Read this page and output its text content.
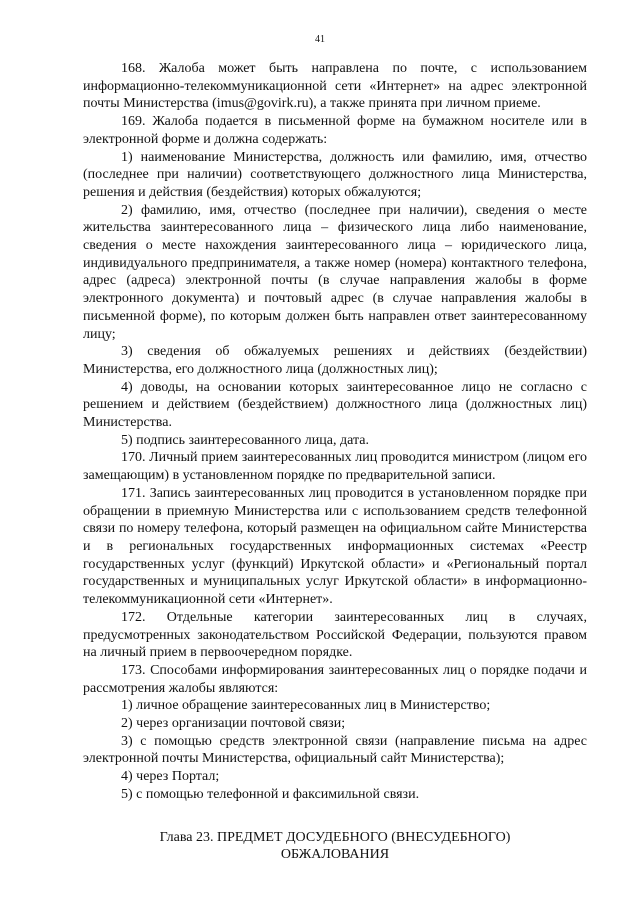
41

168. Жалоба может быть направлена по почте, с использованием информационно-телекоммуникационной сети «Интернет» на адрес электронной почты Министерства (imus@govirk.ru), а также принята при личном приеме.

169. Жалоба подается в письменной форме на бумажном носителе или в электронной форме и должна содержать:

1) наименование Министерства, должность или фамилию, имя, отчество (последнее при наличии) соответствующего должностного лица Министерства, решения и действия (бездействия) которых обжалуются;

2) фамилию, имя, отчество (последнее при наличии), сведения о месте жительства заинтересованного лица – физического лица либо наименование, сведения о месте нахождения заинтересованного лица – юридического лица, индивидуального предпринимателя, а также номер (номера) контактного телефона, адрес (адреса) электронной почты (в случае направления жалобы в форме электронного документа) и почтовый адрес (в случае направления жалобы в письменной форме), по которым должен быть направлен ответ заинтересованному лицу;

3) сведения об обжалуемых решениях и действиях (бездействии) Министерства, его должностного лица (должностных лиц);

4) доводы, на основании которых заинтересованное лицо не согласно с решением и действием (бездействием) должностного лица (должностных лиц) Министерства.

5) подпись заинтересованного лица, дата.

170. Личный прием заинтересованных лиц проводится министром (лицом его замещающим) в установленном порядке по предварительной записи.

171. Запись заинтересованных лиц проводится в установленном порядке при обращении в приемную Министерства или с использованием средств телефонной связи по номеру телефона, который размещен на официальном сайте Министерства и в региональных государственных информационных системах «Реестр государственных услуг (функций) Иркутской области» и «Региональный портал государственных и муниципальных услуг Иркутской области» в информационно-телекоммуникационной сети «Интернет».

172. Отдельные категории заинтересованных лиц в случаях, предусмотренных законодательством Российской Федерации, пользуются правом на личный прием в первоочередном порядке.

173. Способами информирования заинтересованных лиц о порядке подачи и рассмотрения жалобы являются:

1) личное обращение заинтересованных лиц в Министерство;

2) через организации почтовой связи;

3) с помощью средств электронной связи (направление письма на адрес электронной почты Министерства, официальный сайт Министерства);

4) через Портал;

5) с помощью телефонной и факсимильной связи.

Глава 23. ПРЕДМЕТ ДОСУДЕБНОГО (ВНЕСУДЕБНОГО)
ОБЖАЛОВАНИЯ
